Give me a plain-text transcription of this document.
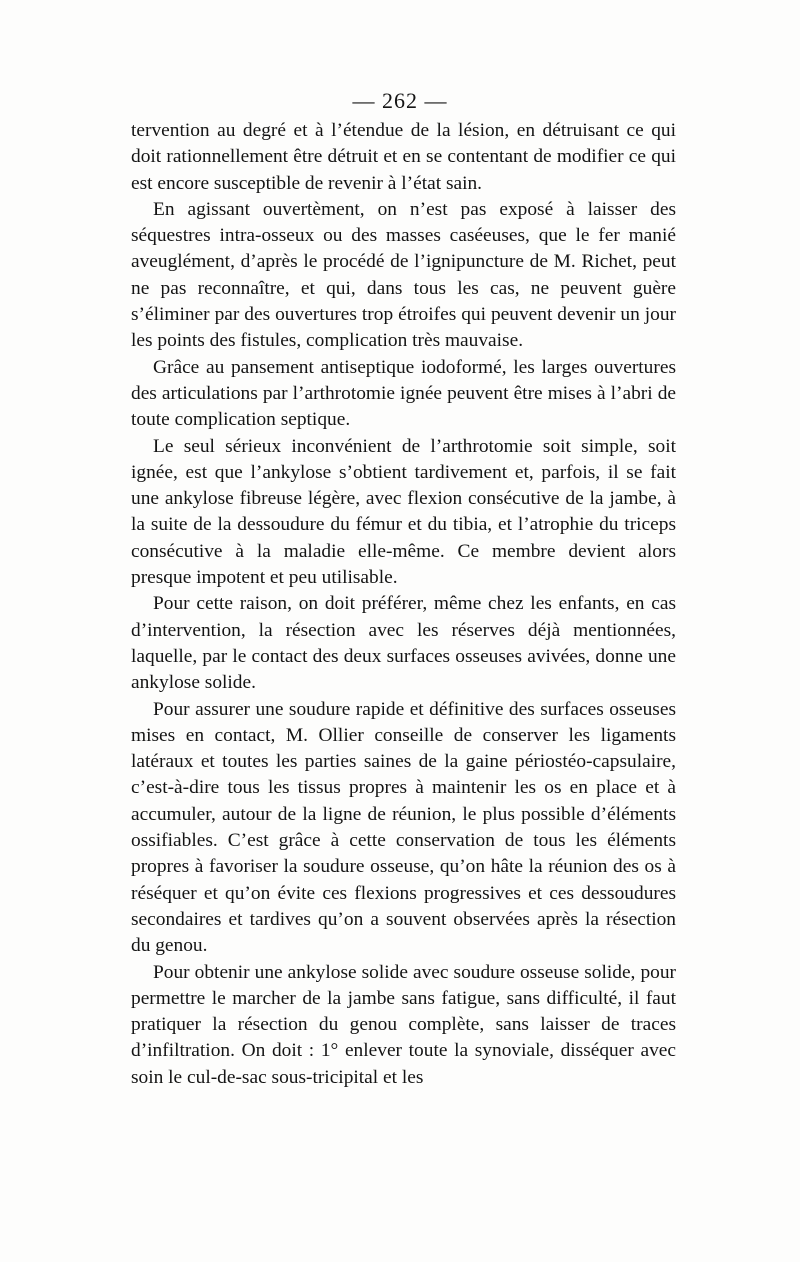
— 262 —

tervention au degré et à l’étendue de la lésion, en détruisant ce qui doit rationnellement être détruit et en se contentant de modifier ce qui est encore susceptible de revenir à l’état sain.

En agissant ouvertèment, on n’est pas exposé à laisser des séquestres intra-osseux ou des masses caséeuses, que le fer manié aveuglément, d’après le procédé de l’ignipuncture de M. Richet, peut ne pas reconnaître, et qui, dans tous les cas, ne peuvent guère s’éliminer par des ouvertures trop étroifes qui peuvent devenir un jour les points des fistules, complication très mauvaise.

Grâce au pansement antiseptique iodoformé, les larges ouvertures des articulations par l’arthrotomie ignée peuvent être mises à l’abri de toute complication septique.

Le seul sérieux inconvénient de l’arthrotomie soit simple, soit ignée, est que l’ankylose s’obtient tardivement et, parfois, il se fait une ankylose fibreuse légère, avec flexion consécutive de la jambe, à la suite de la dessoudure du fémur et du tibia, et l’atrophie du triceps consécutive à la maladie elle-même. Ce membre devient alors presque impotent et peu utilisable.

Pour cette raison, on doit préférer, même chez les enfants, en cas d’intervention, la résection avec les réserves déjà mentionnées, laquelle, par le contact des deux surfaces osseuses avivées, donne une ankylose solide.

Pour assurer une soudure rapide et définitive des surfaces osseuses mises en contact, M. Ollier conseille de conserver les ligaments latéraux et toutes les parties saines de la gaine périostéo-capsulaire, c’est-à-dire tous les tissus propres à maintenir les os en place et à accumuler, autour de la ligne de réunion, le plus possible d’éléments ossifiables. C’est grâce à cette conservation de tous les éléments propres à favoriser la soudure osseuse, qu’on hâte la réunion des os à réséquer et qu’on évite ces flexions progressives et ces dessoudures secondaires et tardives qu’on a souvent observées après la résection du genou.

Pour obtenir une ankylose solide avec soudure osseuse solide, pour permettre le marcher de la jambe sans fatigue, sans difficulté, il faut pratiquer la résection du genou complète, sans laisser de traces d’infiltration. On doit : 1° enlever toute la synoviale, disséquer avec soin le cul-de-sac sous-tricipital et les
